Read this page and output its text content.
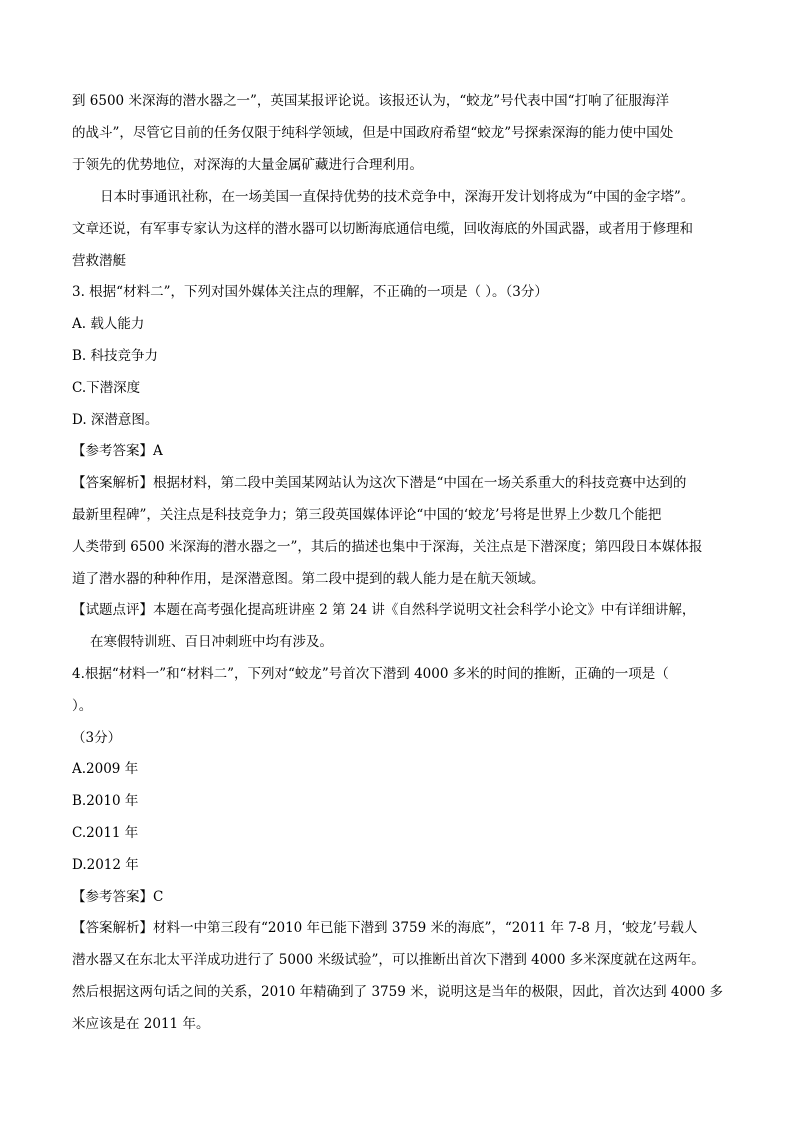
到 6500 米深海的潜水器之一”，英国某报评论说。该报还认为，“蛟龙”号代表中国“打响了征服海洋
的战斗”，尽管它目前的任务仅限于纯科学领域，但是中国政府希望“蛟龙”号探索深海的能力使中国处
于领先的优势地位，对深海的大量金属矿藏进行合理利用。
日本时事通讯社称，在一场美国一直保持优势的技术竞争中，深海开发计划将成为“中国的金字塔”。
文章还说，有军事专家认为这样的潜水器可以切断海底通信电缆，回收海底的外国武器，或者用于修理和
营救潜艇
3. 根据“材料二”，下列对国外媒体关注点的理解，不正确的一项是（ ）。（3分）
A. 载人能力
B. 科技竞争力
C.下潜深度
D. 深潜意图。
【参考答案】A
【答案解析】根据材料，第二段中美国某网站认为这次下潜是“中国在一场关系重大的科技竞赛中达到的
最新里程碑”，关注点是科技竞争力；第三段英国媒体评论“中国的‘蛟龙’号将是世界上少数几个能把
人类带到 6500 米深海的潜水器之一”，其后的描述也集中于深海，关注点是下潜深度；第四段日本媒体报
道了潜水器的种种作用，是深潜意图。第二段中提到的载人能力是在航天领域。
【试题点评】本题在高考强化提高班讲座 2 第 24 讲《自然科学说明文社会科学小论文》中有详细讲解，
在寒假特训班、百日冲刺班中均有涉及。
4.根据“材料一”和“材料二”，下列对“蛟龙”号首次下潜到 4000 多米的时间的推断，正确的一项是（
）。
（3分）
A.2009 年
B.2010 年
C.2011 年
D.2012 年
【参考答案】C
【答案解析】材料一中第三段有“2010 年已能下潜到 3759 米的海底”，“2011 年 7-8 月，‘蛟龙’号载人
潜水器又在东北太平洋成功进行了 5000 米级试验”，可以推断出首次下潜到 4000 多米深度就在这两年。
然后根据这两句话之间的关系，2010 年精确到了 3759 米，说明这是当年的极限，因此，首次达到 4000 多
米应该是在 2011 年。
